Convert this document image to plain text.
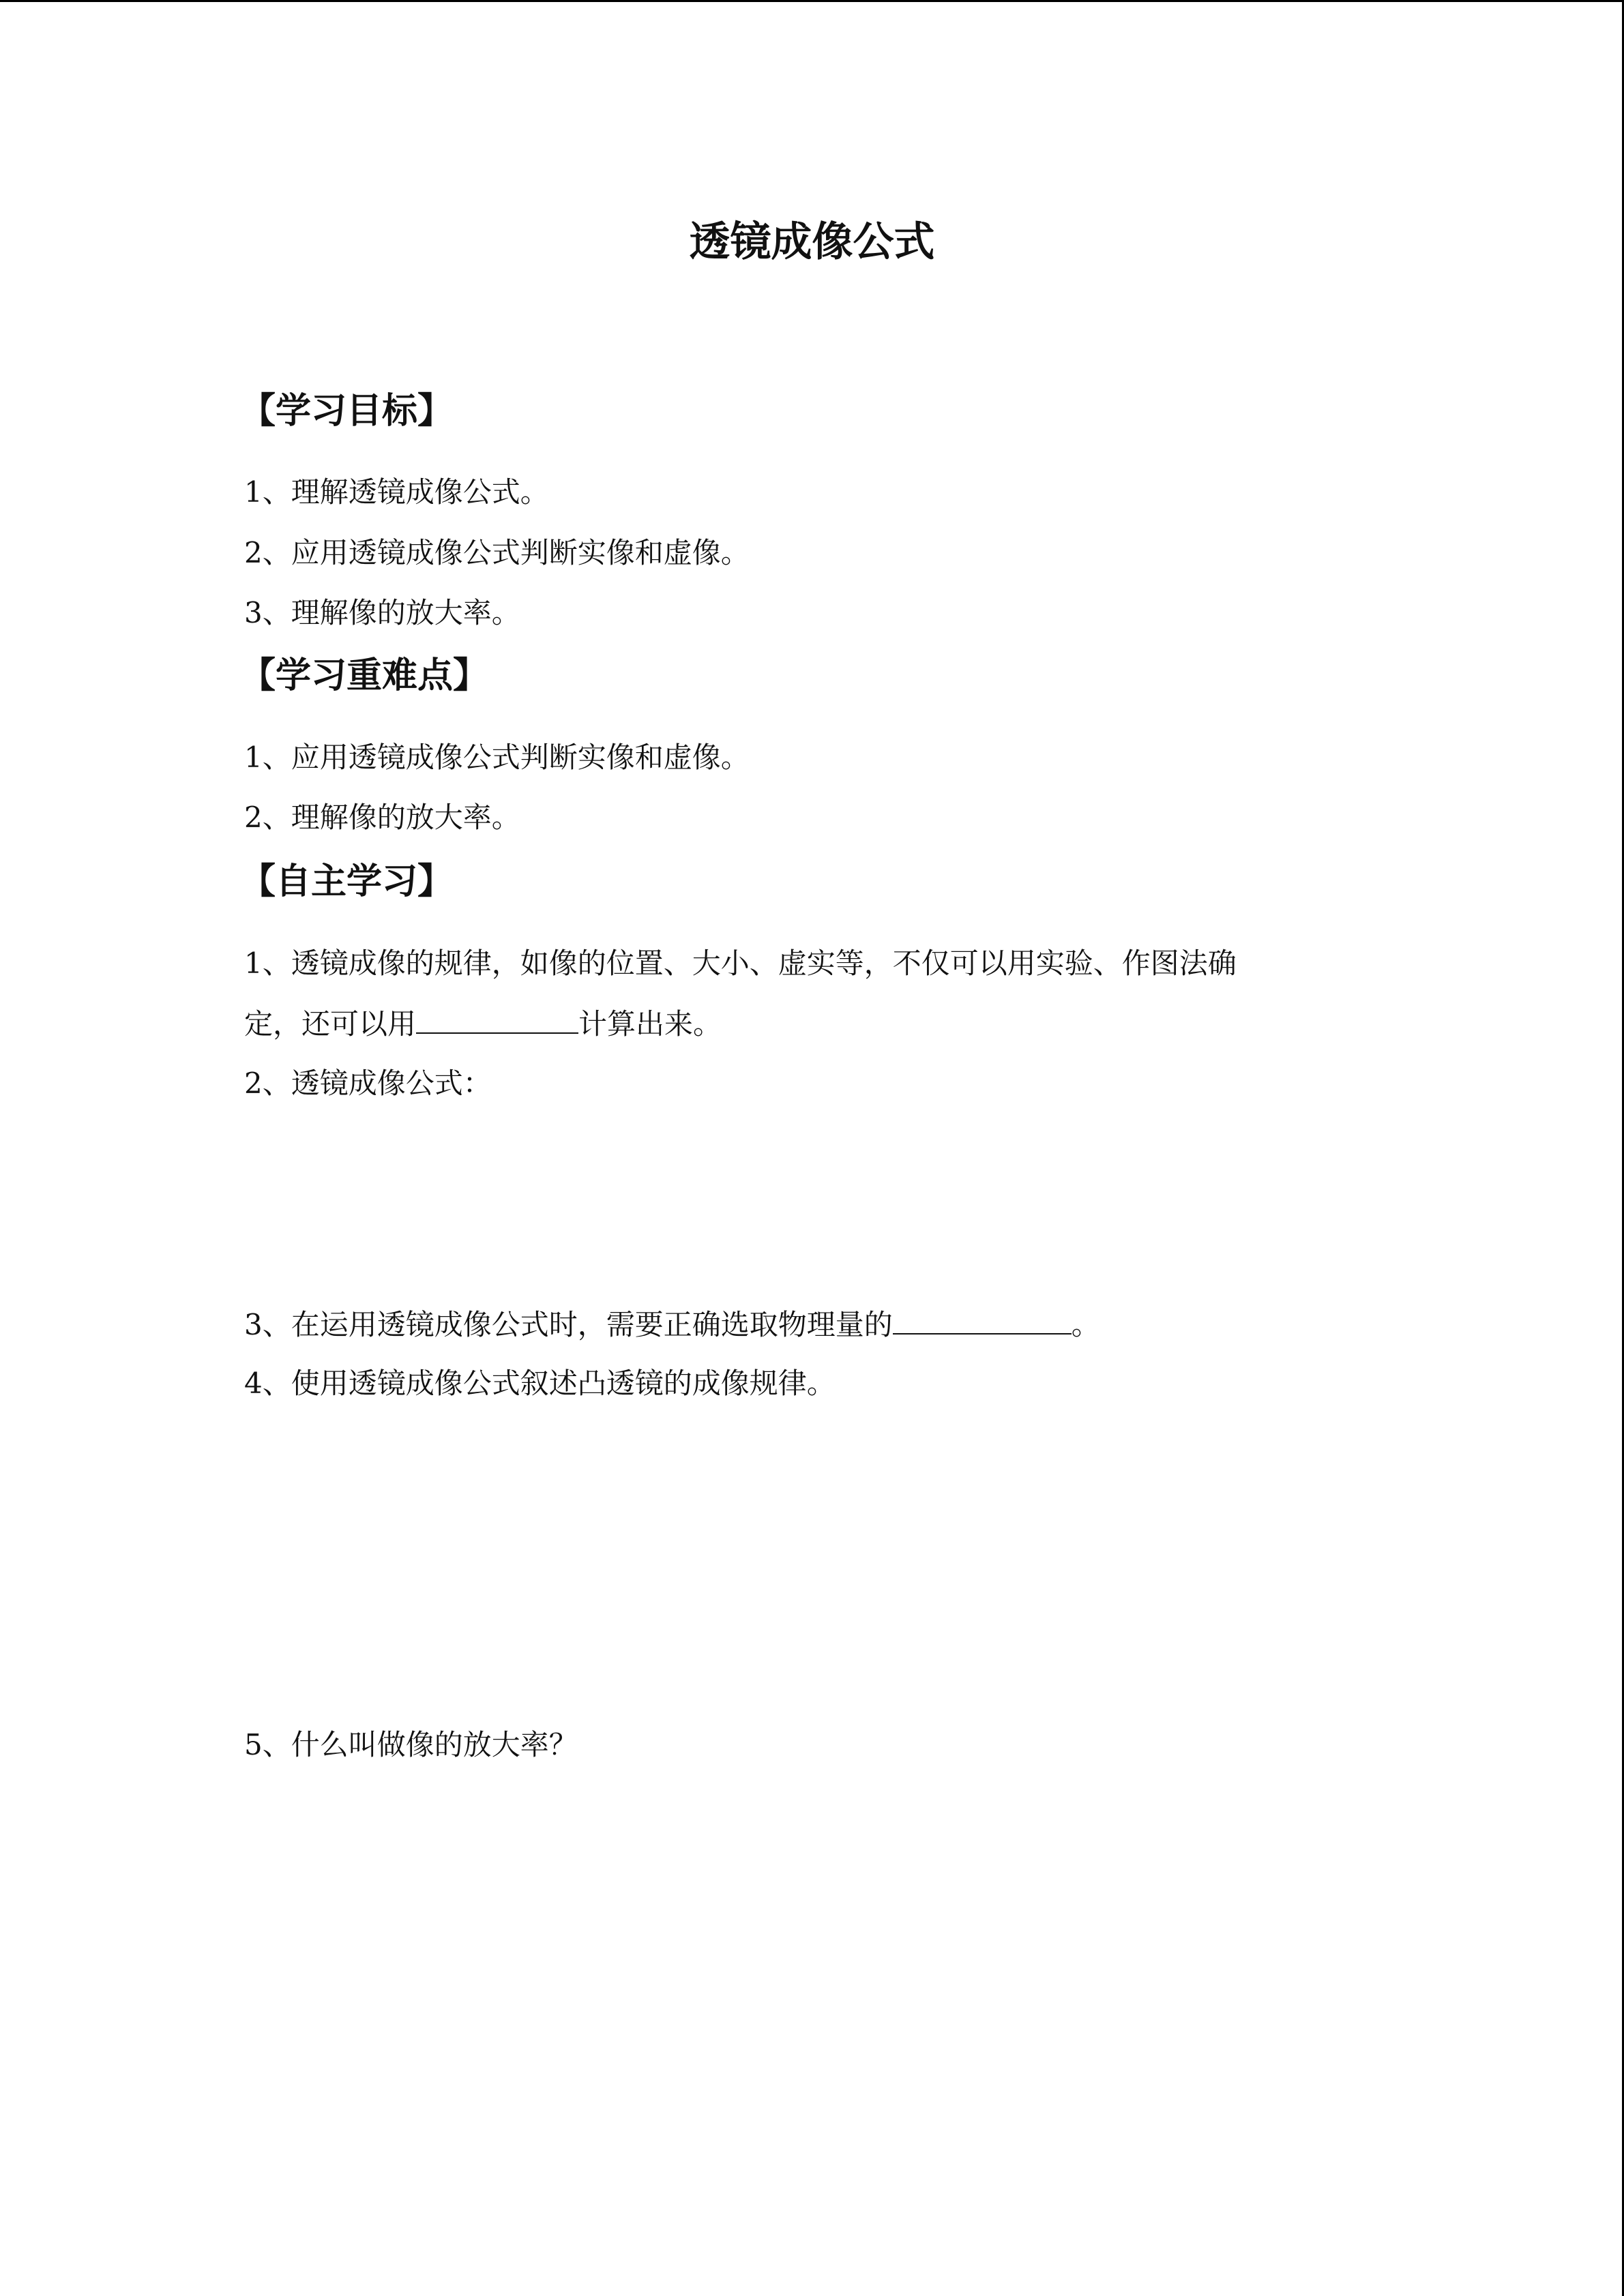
透镜成像公式
【学习目标】
1、理解透镜成像公式。
2、应用透镜成像公式判断实像和虚像。
3、理解像的放大率。
【学习重难点】
1、应用透镜成像公式判断实像和虚像。
2、理解像的放大率。
【自主学习】
1、透镜成像的规律，如像的位置、大小、虚实等，不仅可以用实验、作图法确
定，还可以用	计算出来。
2、透镜成像公式：
3、在运用透镜成像公式时，需要正确选取物理量的	。
4、使用透镜成像公式叙述凸透镜的成像规律。
5、什么叫做像的放大率？
